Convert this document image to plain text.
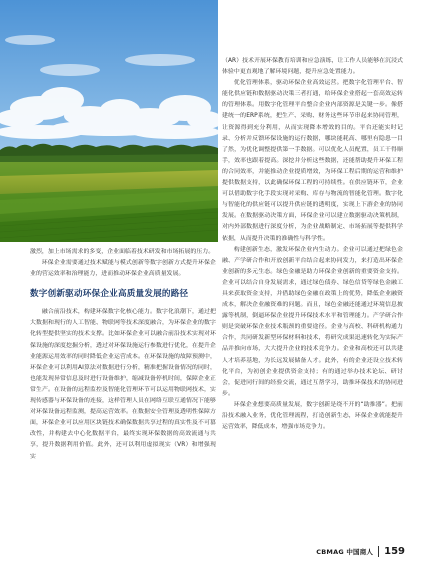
激烈，加上市场需求的多变，企业面临着技术研发和市场拓展的压力。

环保企业需要通过技术赋能与模式创新等数字创新方式提升环保企业的营运效率和治理能力，进而推动环保企业高质量发展。

数字创新驱动环保企业高质量发展的路径

融合前沿技术，构建环保数字化核心能力。数字化浪潮下，通过把大数据和现行的人工智能、物联网等技术深度融合，为环保企业的数字化转型提供坚实的技术支撑。比如环保企业可以融合前沿技术实现对环保设施的深度挖掘分析，透过对环保设施运行参数进行优化，在提升企业能源运用效率的同时降低企业运营成本。在环保设施的故障预测中，环保企业可以利用AI算法对数据进行分析，精准把握设备情况的同时，也能发现异常信息及时进行设备维护，缩减设备停机时间，保障企业正常生产。在设备的远程监控及智能化管理环节可以运用物联网技术，实现传感器与环保设备的连接，这样管理人员在网络互联互通情况下能够对环保设备远程监测，提高运营效率。在数据安全管理及透明性保障方面，环保企业可以应用区块链技术确保数据共享过程的真实性及不可篡改性，并构建去中心化数据平台，最终实现环保数据的高效流通与共享，提升数据利用价值。此外，还可以利用虚拟现实（VR）和增强现实

（AR）技术开展环保教育培训和应急演练，让工作人员能够在沉浸式体验中更直观地了解环境问题，提升应急处置能力。

优化管理体系，驱动环保企业高效运营。把数字化管理平台、智能化供应链和数据驱动决策三者打通，给环保企业搭起一套高效运转的管理体系。用数字化管理平台整合企业内部资源是关键一步。像搭建统一的ERP系统，把生产、采购、财务这些环节串起来协同管理，让资源得到充分利用，从而实现降本增效的目的。平台还能实时记录、分析并反馈环保设施的运行数据，哪块能耗高、哪里有隐患一目了然，为优化调整提供第一手数据。可以优化人员配置，员工干得顺手，效率也跟着提高。深挖并分析这些数据，还能帮助提升环保工程的合同效率，并能推动企业提质增效，为环保工程后期的运营和维护提供数据支持，以此确保环保工程的可持续性。在供应链环节，企业可以借助数字化手段实现对采购、库存与物流的智能化管理。数字化与智能化的供应链可以提升供应链的透明度，实现上下游企业的协同发展。在数据驱动决策方面，环保企业可以建立数据驱动决策机制，对内外部数据进行深度分析，为企业战略制定、市场拓展等提供科学依据，从而提升决策的准确性与科学性。

构建创新生态，激发环保企业内生动力。企业可以通过把绿色金融、产学研合作和开放创新平台结合起来协同发力，来打造出环保企业创新的多元生态。绿色金融是助力环保企业创新的重要资金支持。企业可以结合自身发展需求，通过绿色债券、绿色信贷等绿色金融工具来获取资金支持，并借助绿色金融在政策上的优势，降低企业融资成本，解决企业融资难的问题。而且，绿色金融还能通过环境信息披露等机制，倒逼环保企业提升环保技术水平和管理能力。产学研合作则是突破环保企业技术瓶颈的重要途径。企业与高校、科研机构通力合作，共同研发新型环保材料和技术，将研究成果迅速转化为实际产品并推向市场，大大提升企业的技术竞争力。企业和高校还可以共建人才培养基地，为长远发展储备人才。此外，有的企业还设立技术转化平台，为初创企业提供资金支持；有的通过举办技术论坛、研讨会，促进同行间的经验交流，通过互帮学习，助推环保技术的协同进步。

环保企业想要高质量发展，数字创新是绕不开的“助推器”。把前沿技术融入业务，优化管理流程，打造创新生态，环保企业就能提升运营效率，降低成本，增强市场竞争力。

CBMAG 中国商人 159
